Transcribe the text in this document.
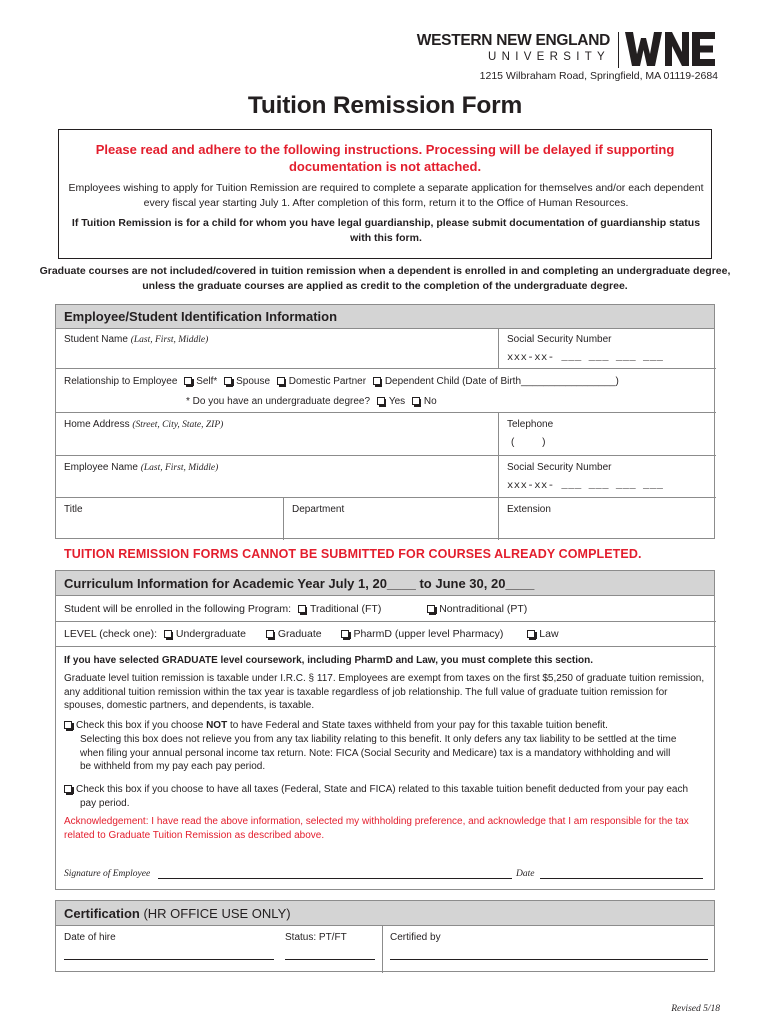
WESTERN NEW ENGLAND
UNIVERSITY
1215 Wilbraham Road, Springfield, MA 01119-2684
Tuition Remission Form
Please read and adhere to the following instructions. Processing will be delayed if supporting documentation is not attached.
Employees wishing to apply for Tuition Remission are required to complete a separate application for themselves and/or each dependent every fiscal year starting July 1. After completion of this form, return it to the Office of Human Resources.
If Tuition Remission is for a child for whom you have legal guardianship, please submit documentation of guardianship status with this form.
Graduate courses are not included/covered in tuition remission when a dependent is enrolled in and completing an undergraduate degree, unless the graduate courses are applied as credit to the completion of the undergraduate degree.
Employee/Student Identification Information
Student Name (Last, First, Middle)	Social Security Number
xxx-xx- ___ ___ ___ ___
Relationship to Employee Self* Spouse Domestic Partner Dependent Child (Date of Birth_________________)
* Do you have an undergraduate degree? Yes No
Home Address (Street, City, State, ZIP)	Telephone
(          )
Employee Name (Last, First, Middle)	Social Security Number
xxx-xx- ___ ___ ___ ___
Title	Department	Extension
TUITION REMISSION FORMS CANNOT BE SUBMITTED FOR COURSES ALREADY COMPLETED.
Curriculum Information for Academic Year July 1, 20____ to June 30, 20____
Student will be enrolled in the following Program: Traditional (FT)	Nontraditional (PT)
LEVEL (check one): Undergraduate	Graduate	PharmD (upper level Pharmacy)	Law
If you have selected GRADUATE level coursework, including PharmD and Law, you must complete this section.
Graduate level tuition remission is taxable under I.R.C. § 117. Employees are exempt from taxes on the first $5,250 of graduate tuition remission, any additional tuition remission within the tax year is taxable regardless of job relationship. The full value of graduate tuition remission for spouses, domestic partners, and dependents, is taxable.
Check this box if you choose NOT to have Federal and State taxes withheld from your pay for this taxable tuition benefit.
Selecting this box does not relieve you from any tax liability relating to this benefit. It only defers any tax liability to be settled at the time when filing your annual personal income tax return. Note: FICA (Social Security and Medicare) tax is a mandatory withholding and will be withheld from my pay each pay period.
Check this box if you choose to have all taxes (Federal, State and FICA) related to this taxable tuition benefit deducted from your pay each pay period.
Acknowledgement: I have read the above information, selected my withholding preference, and acknowledge that I am responsible for the tax related to Graduate Tuition Remission as described above.
Signature of Employee	Date
Certification (HR OFFICE USE ONLY)
Date of hire	Status: PT/FT	Certified by
Revised 5/18
